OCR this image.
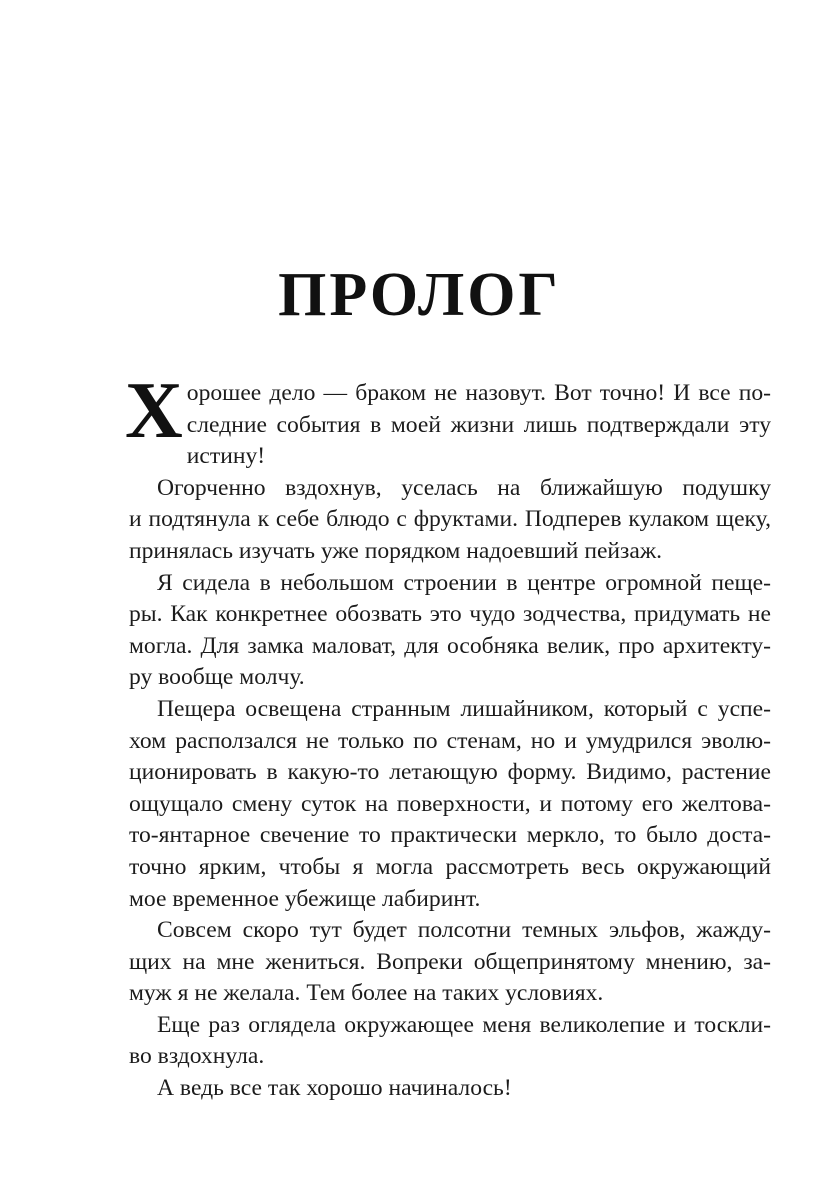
ПРОЛОГ

Х орошее дело — браком не назовут. Вот точно! И все по-
следние события в моей жизни лишь подтверждали эту
истину!

Огорченно вздохнув, уселась на ближайшую подушку
и подтянула к себе блюдо с фруктами. Подперев кулаком щеку,
принялась изучать уже порядком надоевший пейзаж.

Я сидела в небольшом строении в центре огромной пеще-
ры. Как конкретнее обозвать это чудо зодчества, придумать не
могла. Для замка маловат, для особняка велик, про архитекту-
ру вообще молчу.

Пещера освещена странным лишайником, который с успе-
хом расползался не только по стенам, но и умудрился эволю-
ционировать в какую-то летающую форму. Видимо, растение
ощущало смену суток на поверхности, и потому его желтова-
то-янтарное свечение то практически меркло, то было доста-
точно ярким, чтобы я могла рассмотреть весь окружающий
мое временное убежище лабиринт.

Совсем скоро тут будет полсотни темных эльфов, жажду-
щих на мне жениться. Вопреки общепринятому мнению, за-
муж я не желала. Тем более на таких условиях.

Еще раз оглядела окружающее меня великолепие и тоскли-
во вздохнула.

А ведь все так хорошо начиналось!
